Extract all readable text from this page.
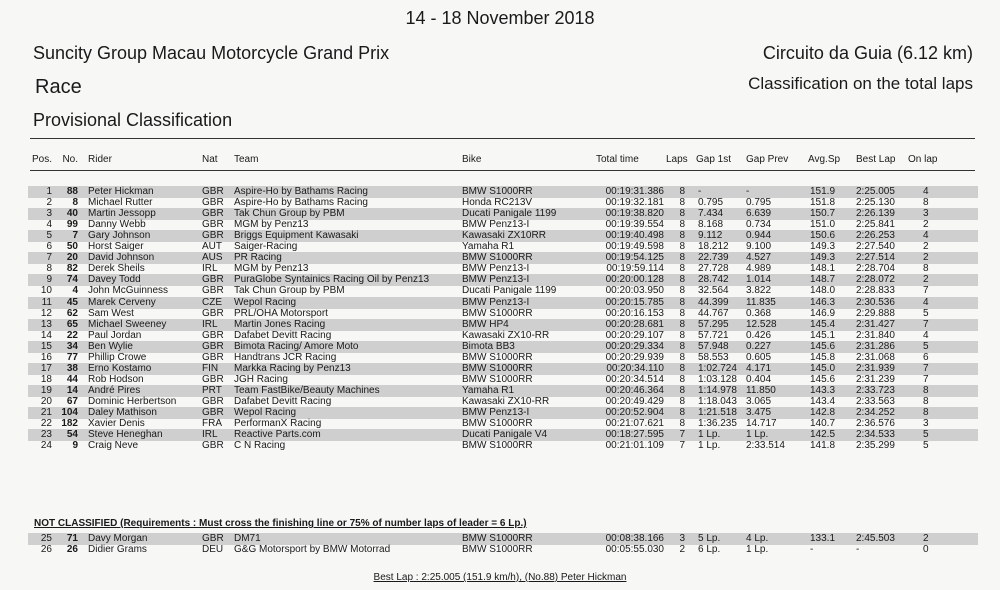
14 - 18 November 2018
Suncity Group Macau Motorcycle Grand Prix	Circuito da Guia (6.12 km)
Race	Classification on the total laps
Provisional Classification
Pos.	No. Rider	Nat Team	Bike	Total time	Laps Gap 1st Gap Prev Avg.Sp Best Lap On lap
1	88 Peter Hickman	GBR Aspire-Ho by Bathams Racing	BMW S1000RR	00:19:31.386	8 -	-	151.9 2:25.005	4
2	8 Michael Rutter	GBR Aspire-Ho by Bathams Racing	Honda RC213V	00:19:32.181	8 0.795 0.795	151.8 2:25.130	8
3	40 Martin Jessopp	GBR Tak Chun Group by PBM	Ducati Panigale 1199	00:19:38.820	8 7.434 6.639	150.7 2:26.139	3
4	99 Danny Webb	GBR MGM by Penz13	BMW Penz13-I	00:19:39.554	8 8.168 0.734	151.0 2:25.841	2
5	7 Gary Johnson	GBR Briggs Equipment Kawasaki	Kawasaki ZX10RR	00:19:40.498	8 9.112 0.944	150.6 2:26.253	4
6	50 Horst Saiger	AUT Saiger-Racing	Yamaha R1	00:19:49.598	8 18.212 9.100	149.3 2:27.540	2
7	20 David Johnson	AUS PR Racing	BMW S1000RR	00:19:54.125	8 22.739 4.527	149.3 2:27.514	2
8	82 Derek Sheils	IRL MGM by Penz13	BMW Penz13-I	00:19:59.114	8 27.728 4.989	148.1 2:28.704	8
9	74 Davey Todd	GBR PuraGlobe Syntainics Racing Oil by Penz13	BMW Penz13-I	00:20:00.128	8 28.742 1.014	148.7 2:28.072	2
10	4 John McGuinness	GBR Tak Chun Group by PBM	Ducati Panigale 1199	00:20:03.950	8 32.564 3.822	148.0 2:28.833	7
11	45 Marek Cerveny	CZE Wepol Racing	BMW Penz13-I	00:20:15.785	8 44.399 11.835	146.3 2:30.536	4
12	62 Sam West	GBR PRL/OHA Motorsport	BMW S1000RR	00:20:16.153	8 44.767 0.368	146.9 2:29.888	5
13	65 Michael Sweeney	IRL Martin Jones Racing	BMW HP4	00:20:28.681	8 57.295 12.528	145.4 2:31.427	7
14	22 Paul Jordan	GBR Dafabet Devitt Racing	Kawasaki ZX10-RR	00:20:29.107	8 57.721 0.426	145.1 2:31.840	4
15	34 Ben Wylie	GBR Bimota Racing/ Amore Moto	Bimota BB3	00:20:29.334	8 57.948 0.227	145.6 2:31.286	5
16	77 Phillip Crowe	GBR Handtrans JCR Racing	BMW S1000RR	00:20:29.939	8 58.553 0.605	145.8 2:31.068	6
17	38 Erno Kostamo	FIN Markka Racing by Penz13	BMW S1000RR	00:20:34.110	8 1:02.724 4.171	145.0 2:31.939	7
18	44 Rob Hodson	GBR JGH Racing	BMW S1000RR	00:20:34.514	8 1:03.128 0.404	145.6 2:31.239	7
19	14 André Pires	PRT Team FastBike/Beauty Machines	Yamaha R1	00:20:46.364	8 1:14.978 11.850	143.3 2:33.723	8
20	67 Dominic Herbertson	GBR Dafabet Devitt Racing	Kawasaki ZX10-RR	00:20:49.429	8 1:18.043 3.065	143.4 2:33.563	8
21 104 Daley Mathison	GBR Wepol Racing	BMW Penz13-I	00:20:52.904	8 1:21.518 3.475	142.8 2:34.252	8
22 182 Xavier Denis	FRA PerformanX Racing	BMW S1000RR	00:21:07.621	8 1:36.235 14.717	140.7 2:36.576	3
23	54 Steve Heneghan	IRL Reactive Parts.com	Ducati Panigale V4	00:18:27.595	7 1 Lp.	1 Lp.	142.5 2:34.533	5
24	9 Craig Neve	GBR C N Racing	BMW S1000RR	00:21:01.109	7 1 Lp.	2:33.514	141.8 2:35.299	5
NOT CLASSIFIED (Requirements : Must cross the finishing line or 75% of number laps of leader = 6 Lp.)
25	71 Davy Morgan	GBR DM71	BMW S1000RR	00:08:38.166	3 5 Lp.	4 Lp.	133.1 2:45.503	2
26	26 Didier Grams	DEU G&G Motorsport by BMW Motorrad	BMW S1000RR	00:05:55.030	2 6 Lp.	1 Lp.	-	-	0
Best Lap : 2:25.005 (151.9 km/h), (No.88) Peter Hickman
